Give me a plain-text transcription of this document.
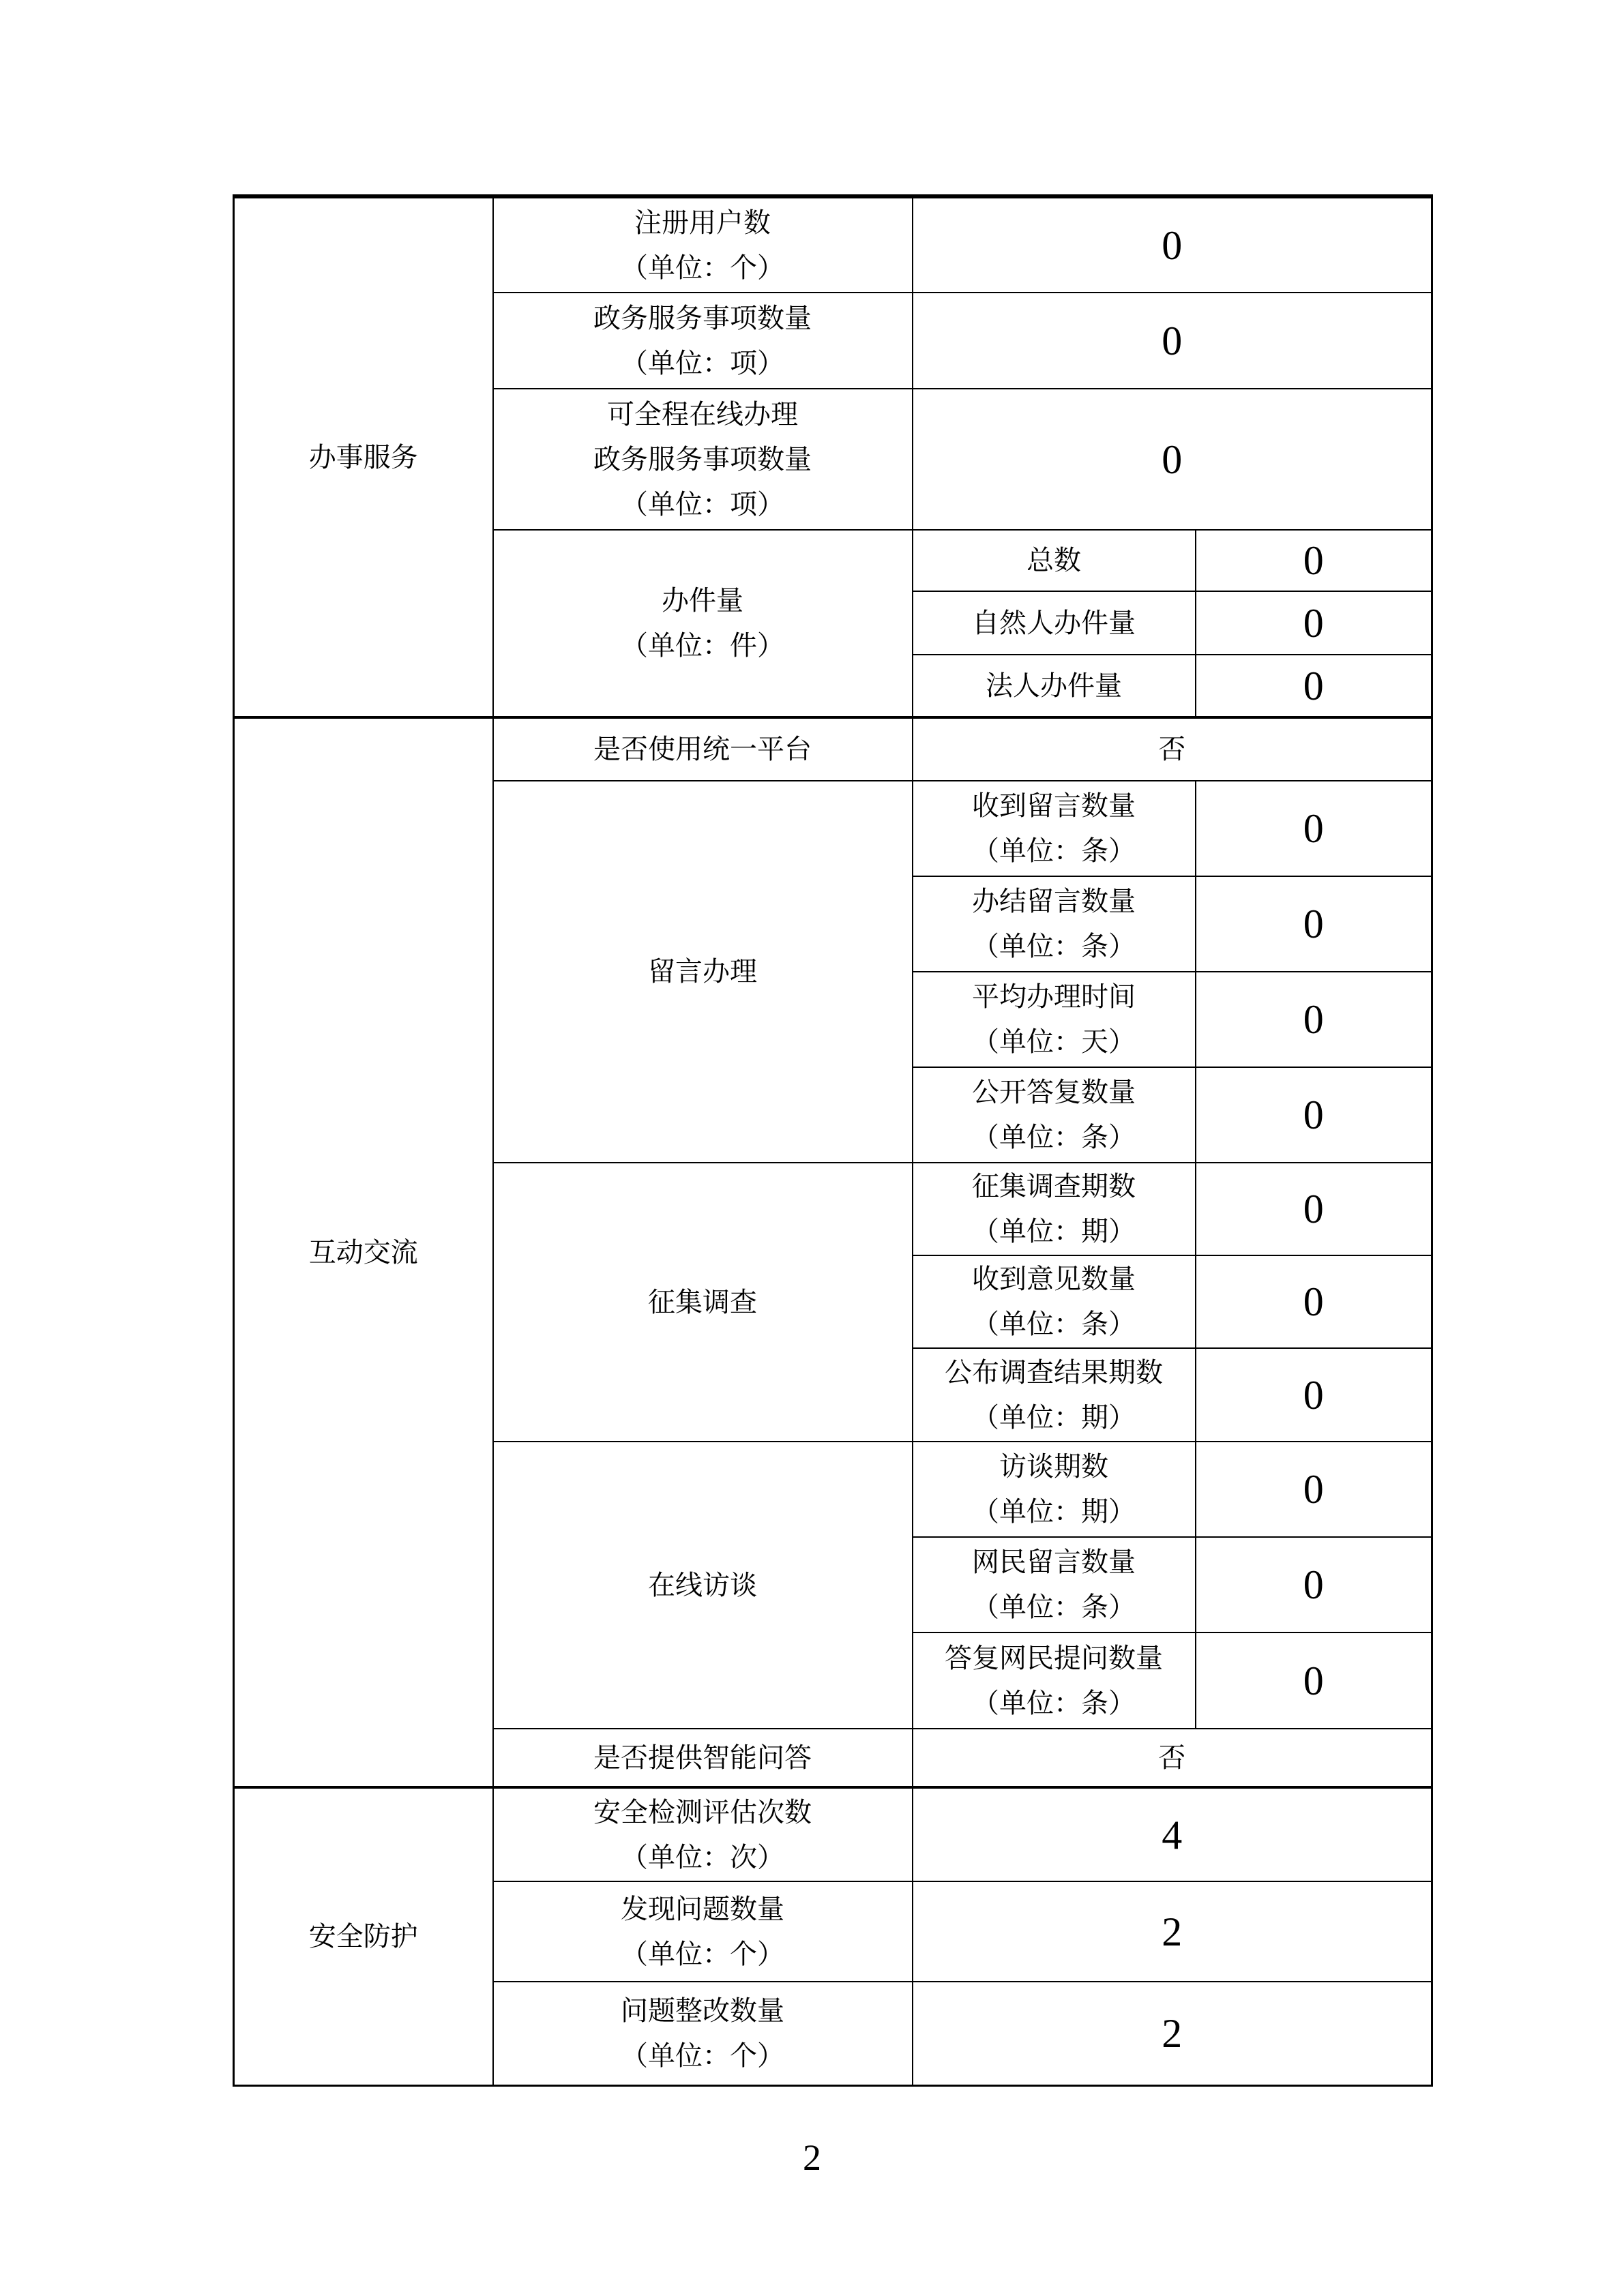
办事服务	注册用户数
（单位：个）	0	

	政务服务事项数量
（单位：项）	0	

	可全程在线办理
政务服务事项数量
（单位：项）	0	

	办件量
（单位：件）	总数	0

		自然人办件量	0

		法人办件量	0

互动交流	是否使用统一平台	否	

	留言办理	收到留言数量
（单位：条）	0

		办结留言数量
（单位：条）	0

		平均办理时间
（单位：天）	0

		公开答复数量
（单位：条）	0

	征集调查	征集调查期数
（单位：期）	0

		收到意见数量
（单位：条）	0

		公布调查结果期数
（单位：期）	0

	在线访谈	访谈期数
（单位：期）	0

		网民留言数量
（单位：条）	0

		答复网民提问数量
（单位：条）	0

	是否提供智能问答	否	

安全防护	安全检测评估次数
（单位：次）	4	

	发现问题数量
（单位：个）	2	

	问题整改数量
（单位：个）	2	
2
